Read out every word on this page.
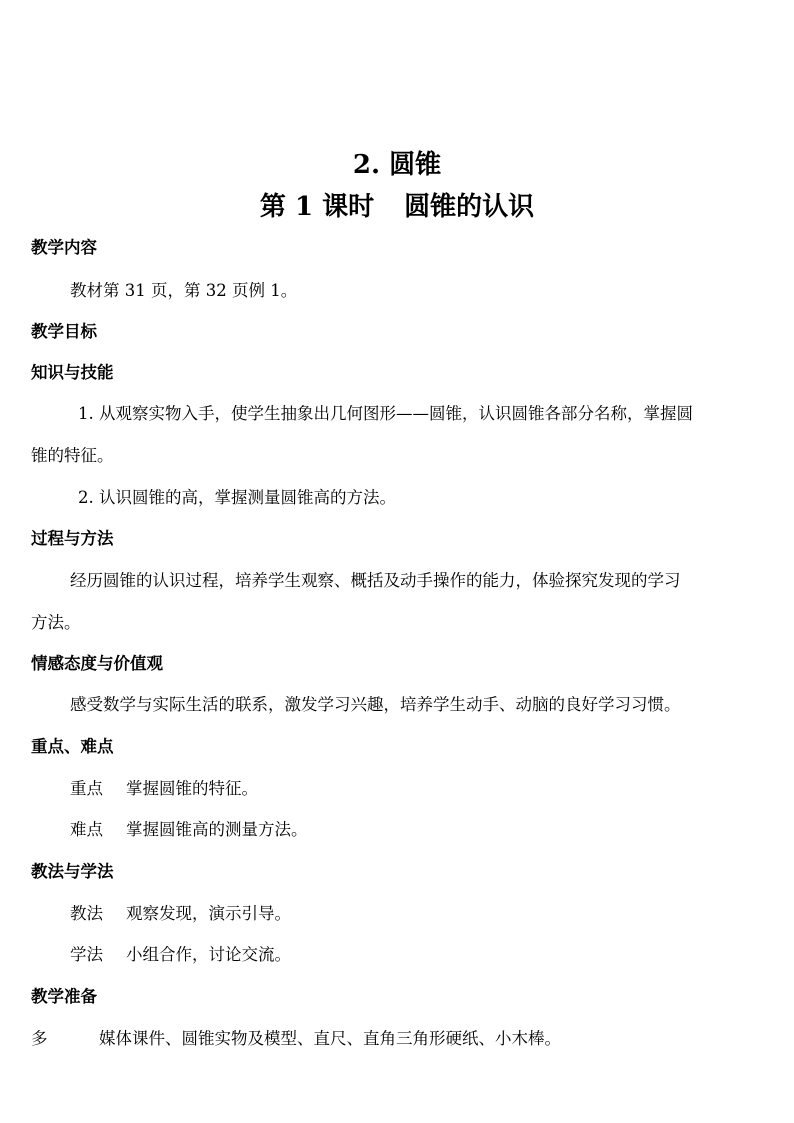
2. 圆锥
第 1 课时 圆锥的认识
教学内容
教材第 31 页，第 32 页例 1。
教学目标
知识与技能
1. 从观察实物入手，使学生抽象出几何图形——圆锥，认识圆锥各部分名称，掌握圆
锥的特征。
2. 认识圆锥的高，掌握测量圆锥高的方法。
过程与方法
经历圆锥的认识过程，培养学生观察、概括及动手操作的能力，体验探究发现的学习
方法。
情感态度与价值观
感受数学与实际生活的联系，激发学习兴趣，培养学生动手、动脑的良好学习习惯。
重点、难点
重点 掌握圆锥的特征。
难点 掌握圆锥高的测量方法。
教法与学法
教法 观察发现，演示引导。
学法 小组合作，讨论交流。
教学准备
多	媒体课件、圆锥实物及模型、直尺、直角三角形硬纸、小木棒。
